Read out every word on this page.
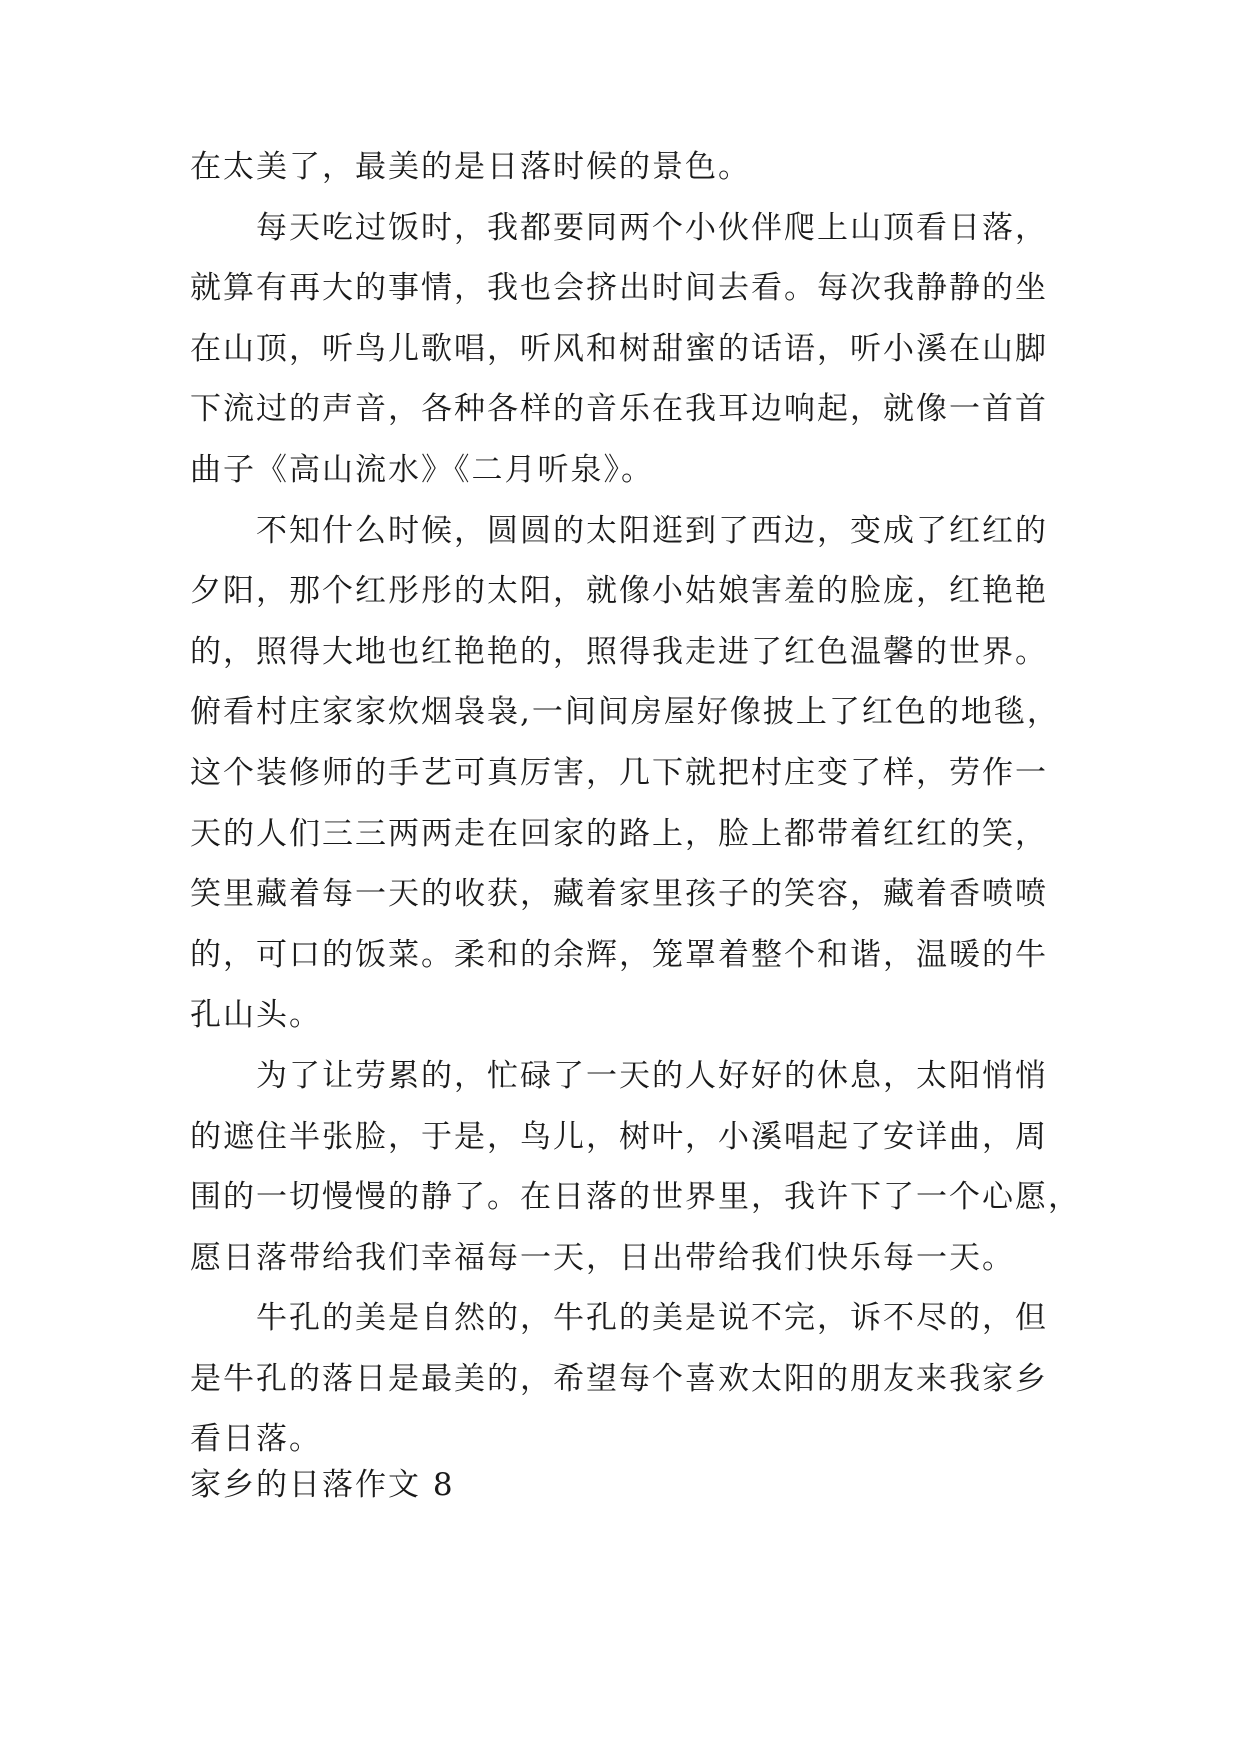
在太美了，最美的是日落时候的景色。
每天吃过饭时，我都要同两个小伙伴爬上山顶看日落，
就算有再大的事情，我也会挤出时间去看。每次我静静的坐
在山顶，听鸟儿歌唱，听风和树甜蜜的话语，听小溪在山脚
下流过的声音，各种各样的音乐在我耳边响起，就像一首首
曲子《高山流水》《二月听泉》。
不知什么时候，圆圆的太阳逛到了西边，变成了红红的
夕阳，那个红彤彤的太阳，就像小姑娘害羞的脸庞，红艳艳
的，照得大地也红艳艳的，照得我走进了红色温馨的世界。
俯看村庄家家炊烟袅袅,一间间房屋好像披上了红色的地毯，
这个装修师的手艺可真厉害，几下就把村庄变了样，劳作一
天的人们三三两两走在回家的路上，脸上都带着红红的笑，
笑里藏着每一天的收获，藏着家里孩子的笑容，藏着香喷喷
的，可口的饭菜。柔和的余辉，笼罩着整个和谐，温暖的牛
孔山头。
为了让劳累的，忙碌了一天的人好好的休息，太阳悄悄
的遮住半张脸，于是，鸟儿，树叶，小溪唱起了安详曲，周
围的一切慢慢的静了。在日落的世界里，我许下了一个心愿，
愿日落带给我们幸福每一天，日出带给我们快乐每一天。
牛孔的美是自然的，牛孔的美是说不完，诉不尽的，但
是牛孔的落日是最美的，希望每个喜欢太阳的朋友来我家乡
看日落。
家乡的日落作文 8
